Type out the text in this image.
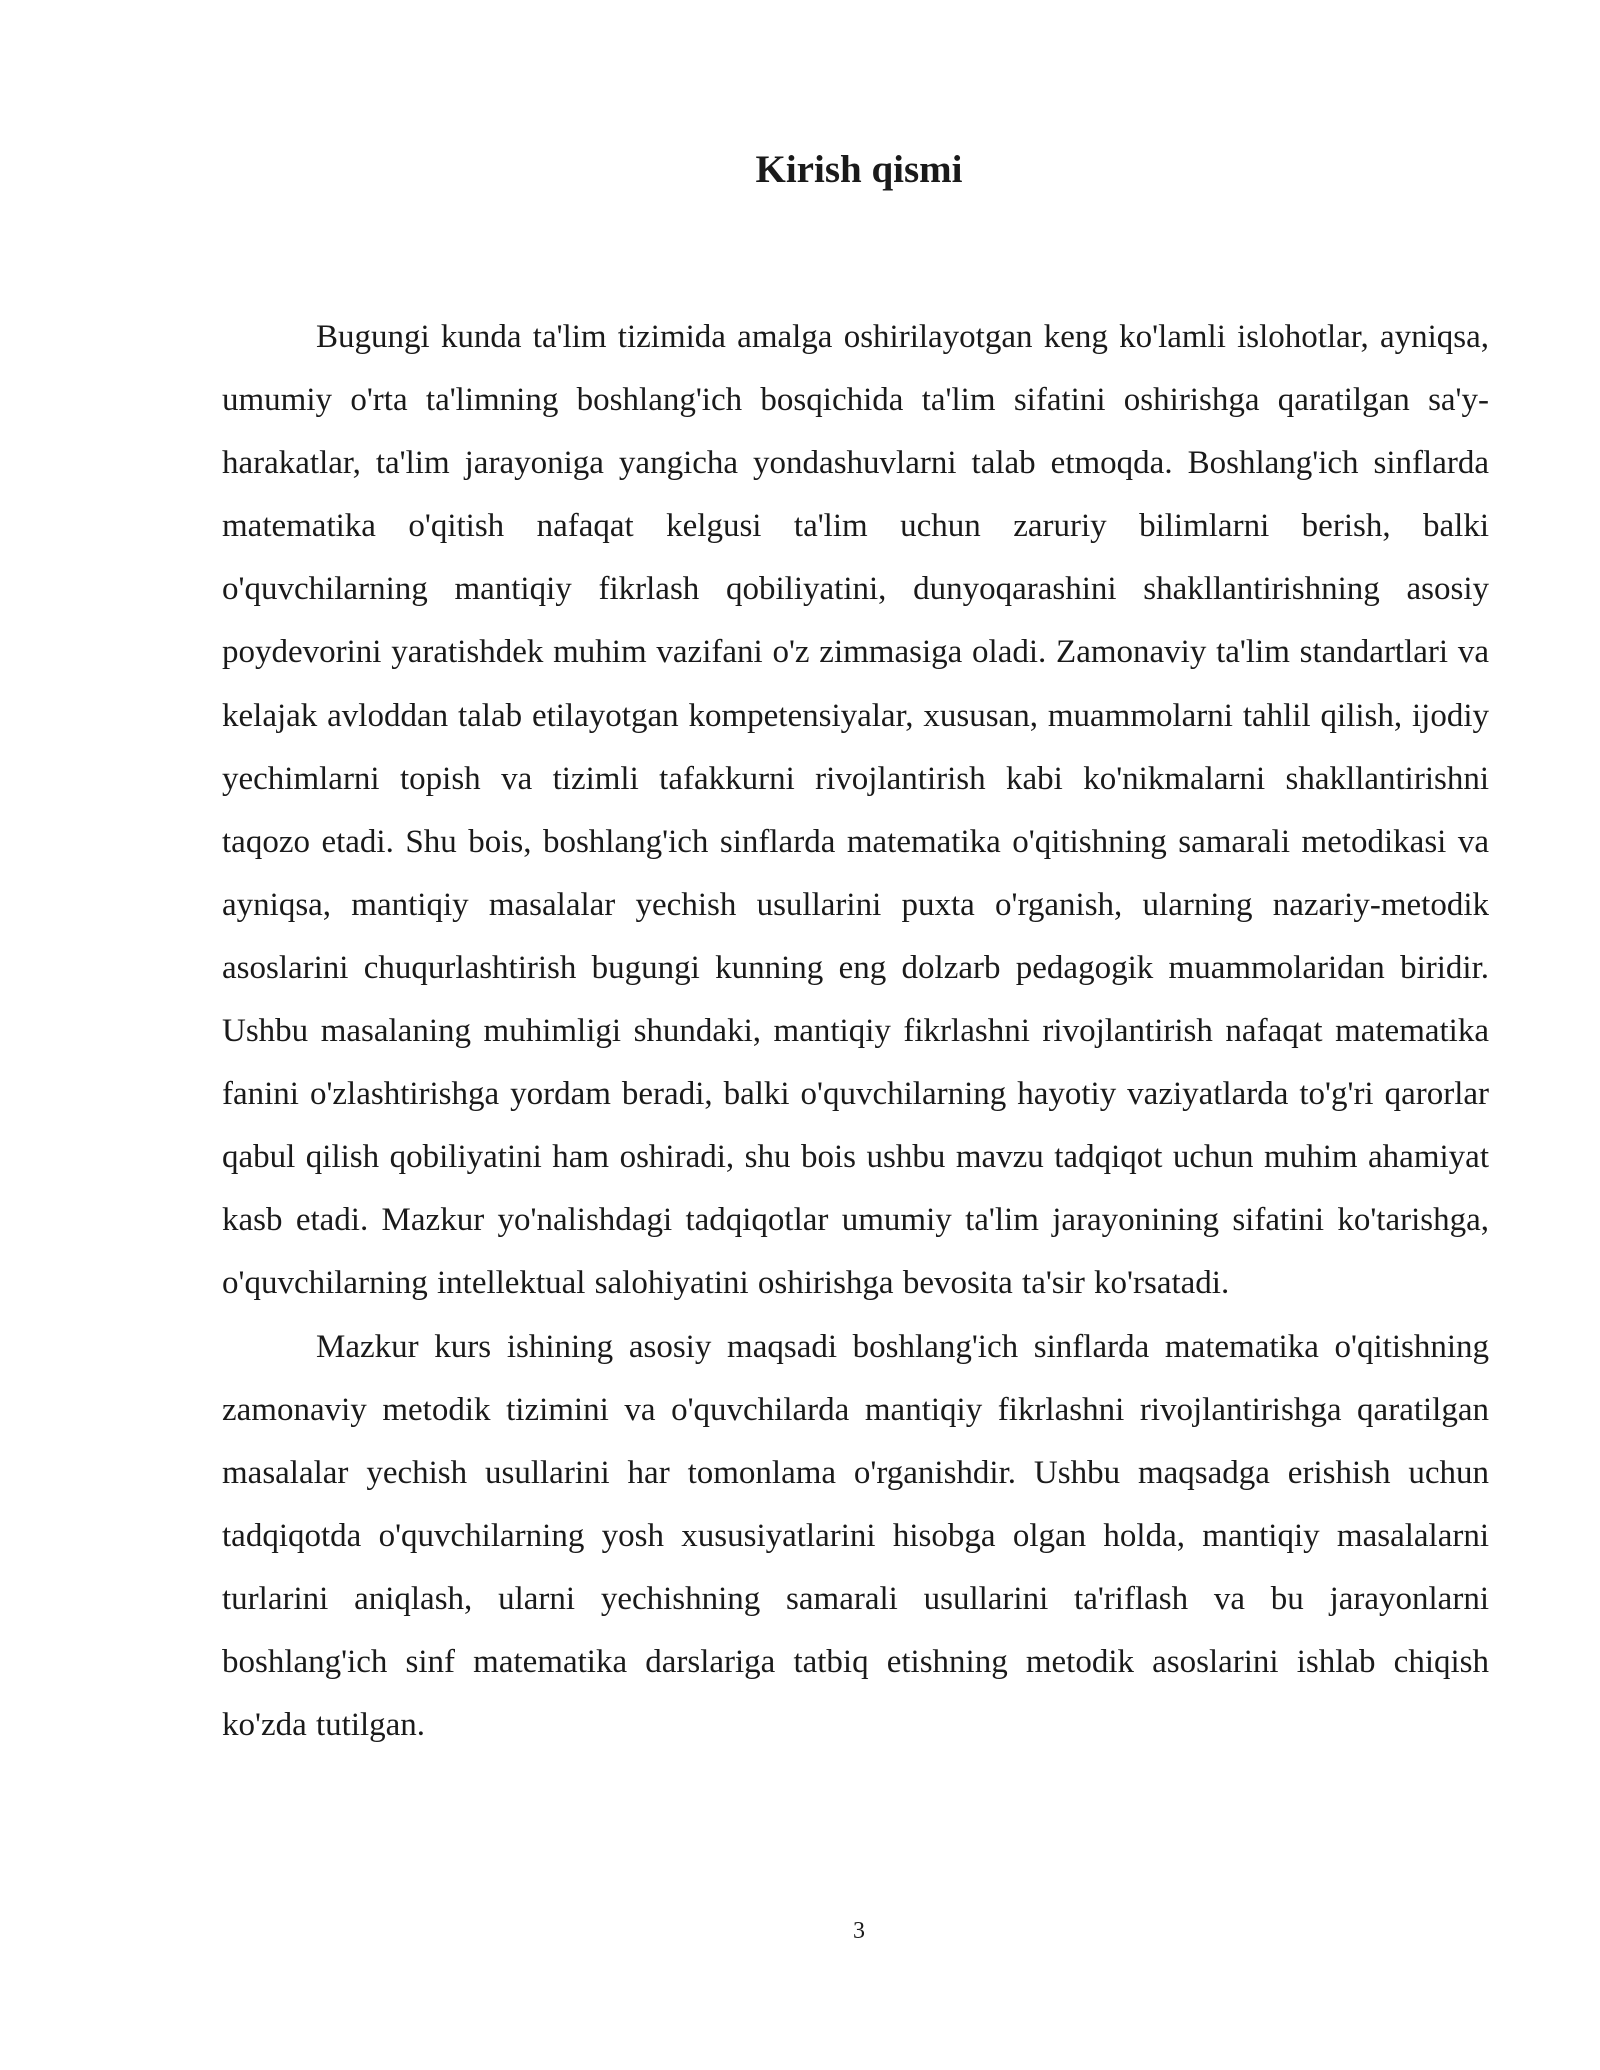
Kirish qismi

Bugungi kunda ta'lim tizimida amalga oshirilayotgan keng ko'lamli islohotlar, ayniqsa, umumiy o'rta ta'limning boshlang'ich bosqichida ta'lim sifatini oshirishga qaratilgan sa'y-harakatlar, ta'lim jarayoniga yangicha yondashuvlarni talab etmoqda. Boshlang'ich sinflarda matematika o'qitish nafaqat kelgusi ta'lim uchun zaruriy bilimlarni berish, balki o'quvchilarning mantiqiy fikrlash qobiliyatini, dunyoqarashini shakllantirishning asosiy poydevorini yaratishdek muhim vazifani o'z zimmasiga oladi. Zamonaviy ta'lim standartlari va kelajak avloddan talab etilayotgan kompetensiyalar, xususan, muammolarni tahlil qilish, ijodiy yechimlarni topish va tizimli tafakkurni rivojlantirish kabi ko'nikmalarni shakllantirishni taqozo etadi. Shu bois, boshlang'ich sinflarda matematika o'qitishning samarali metodikasi va ayniqsa, mantiqiy masalalar yechish usullarini puxta o'rganish, ularning nazariy-metodik asoslarini chuqurlashtirish bugungi kunning eng dolzarb pedagogik muammolaridan biridir. Ushbu masalaning muhimligi shundaki, mantiqiy fikrlashni rivojlantirish nafaqat matematika fanini o'zlashtirishga yordam beradi, balki o'quvchilarning hayotiy vaziyatlarda to'g'ri qarorlar qabul qilish qobiliyatini ham oshiradi, shu bois ushbu mavzu tadqiqot uchun muhim ahamiyat kasb etadi. Mazkur yo'nalishdagi tadqiqotlar umumiy ta'lim jarayonining sifatini ko'tarishga, o'quvchilarning intellektual salohiyatini oshirishga bevosita ta'sir ko'rsatadi.

Mazkur kurs ishining asosiy maqsadi boshlang'ich sinflarda matematika o'qitishning zamonaviy metodik tizimini va o'quvchilarda mantiqiy fikrlashni rivojlantirishga qaratilgan masalalar yechish usullarini har tomonlama o'rganishdir. Ushbu maqsadga erishish uchun tadqiqotda o'quvchilarning yosh xususiyatlarini hisobga olgan holda, mantiqiy masalalarni turlarini aniqlash, ularni yechishning samarali usullarini ta'riflash va bu jarayonlarni boshlang'ich sinf matematika darslariga tatbiq etishning metodik asoslarini ishlab chiqish ko'zda tutilgan.

3
